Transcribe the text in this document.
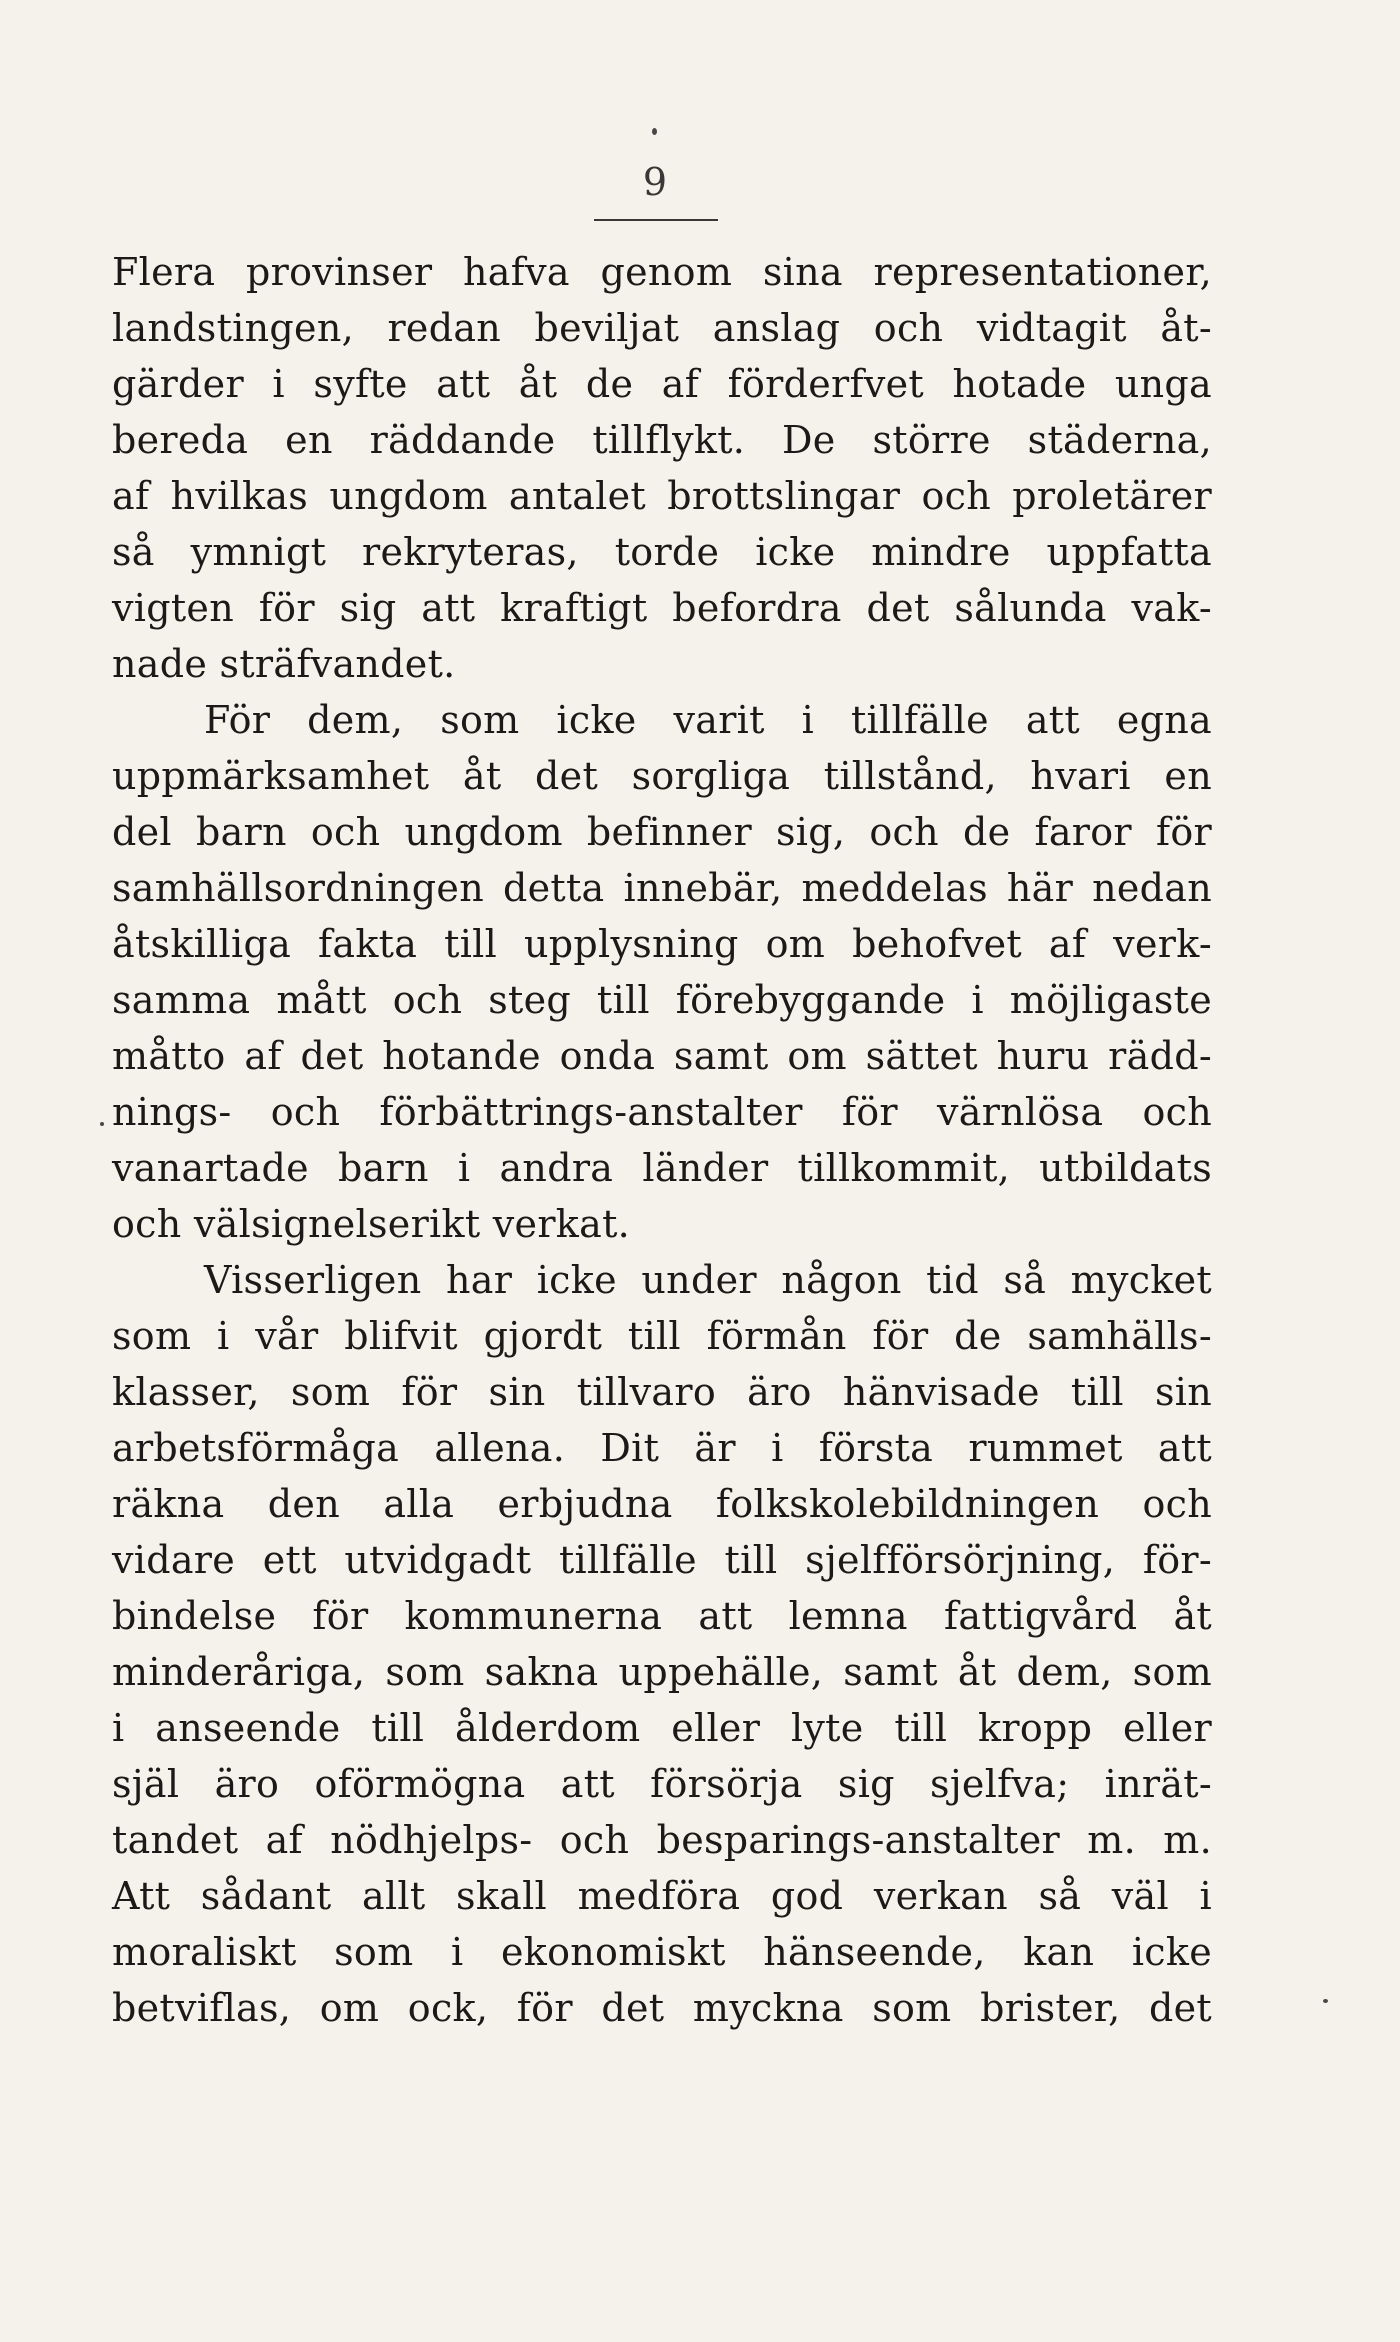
9
Flera provinser hafva genom sina representationer,
landstingen, redan beviljat anslag och vidtagit åt-
gärder i syfte att åt de af förderfvet hotade unga
bereda en räddande tillflykt. De större städerna,
af hvilkas ungdom antalet brottslingar och proletärer
så ymnigt rekryteras, torde icke mindre uppfatta
vigten för sig att kraftigt befordra det sålunda vak-
nade sträfvandet.
För dem, som icke varit i tillfälle att egna
uppmärksamhet åt det sorgliga tillstånd, hvari en
del barn och ungdom befinner sig, och de faror för
samhällsordningen detta innebär, meddelas här nedan
åtskilliga fakta till upplysning om behofvet af verk-
samma mått och steg till förebyggande i möjligaste
måtto af det hotande onda samt om sättet huru rädd-
nings- och förbättrings-anstalter för värnlösa och
vanartade barn i andra länder tillkommit, utbildats
och välsignelserikt verkat.
Visserligen har icke under någon tid så mycket
som i vår blifvit gjordt till förmån för de samhälls-
klasser, som för sin tillvaro äro hänvisade till sin
arbetsförmåga allena. Dit är i första rummet att
räkna den alla erbjudna folkskolebildningen och
vidare ett utvidgadt tillfälle till sjelfförsörjning, för-
bindelse för kommunerna att lemna fattigvård åt
minderåriga, som sakna uppehälle, samt åt dem, som
i anseende till ålderdom eller lyte till kropp eller
själ äro oförmögna att försörja sig sjelfva; inrät-
tandet af nödhjelps- och besparings-anstalter m. m.
Att sådant allt skall medföra god verkan så väl i
moraliskt som i ekonomiskt hänseende, kan icke
betviflas, om ock, för det myckna som brister, det
